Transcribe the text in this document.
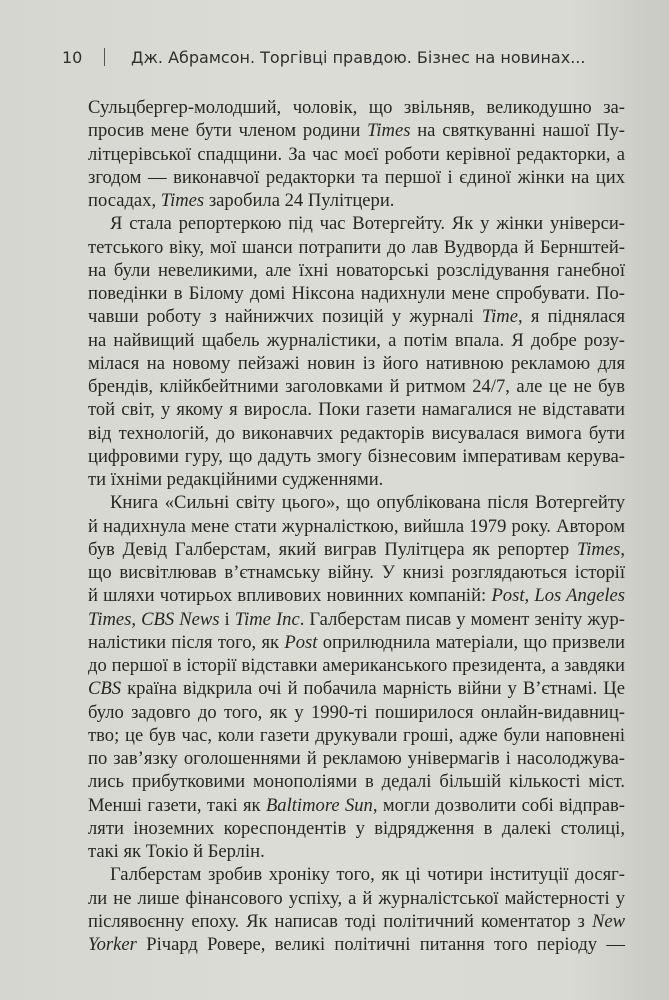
10	Дж. Абрамсон. Торгівці правдою. Бізнес на новинах...
Сульцбергер-молодший, чоловік, що звільняв, великодушно за-
просив мене бути членом родини Times на святкуванні нашої Пу-
літцерівської спадщини. За час моєї роботи керівної редакторки, а
згодом — виконавчої редакторки та першої і єдиної жінки на цих
посадах, Times заробила 24 Пулітцери.
Я стала репортеркою під час Вотергейту. Як у жінки універси-
тетського віку, мої шанси потрапити до лав Вудворда й Бернштей-
на були невеликими, але їхні новаторські розслідування ганебної
поведінки в Білому домі Ніксона надихнули мене спробувати. По-
чавши роботу з найнижчих позицій у журналі Time, я піднялася
на найвищий щабель журналістики, а потім впала. Я добре розу-
мілася на новому пейзажі новин із його нативною рекламою для
брендів, клійкбейтними заголовками й ритмом 24/7, але це не був
той світ, у якому я виросла. Поки газети намагалися не відставати
від технологій, до виконавчих редакторів висувалася вимога бути
цифровими гуру, що дадуть змогу бізнесовим імперативам керува-
ти їхніми редакційними судженнями.
Книга «Сильні світу цього», що опублікована після Вотергейту
й надихнула мене стати журналісткою, вийшла 1979 року. Автором
був Девід Галберстам, який виграв Пулітцера як репортер Times,
що висвітлював в’єтнамську війну. У книзі розглядаються історії
й шляхи чотирьох впливових новинних компаній: Post, Los Angeles
Times, CBS News і Time Inc. Галберстам писав у момент зеніту жур-
налістики після того, як Post оприлюднила матеріали, що призвели
до першої в історії відставки американського президента, а завдяки
CBS країна відкрила очі й побачила марність війни у В’єтнамі. Це
було задовго до того, як у 1990-ті поширилося онлайн-видавниц-
тво; це був час, коли газети друкували гроші, адже були наповнені
по зав’язку оголошеннями й рекламою універмагів і насолоджува-
лись прибутковими монополіями в дедалі більшій кількості міст.
Менші газети, такі як Baltimore Sun, могли дозволити собі відправ-
ляти іноземних кореспондентів у відрядження в далекі столиці,
такі як Токіо й Берлін.
Галберстам зробив хроніку того, як ці чотири інституції досяг-
ли не лише фінансового успіху, а й журналістської майстерності у
післявоєнну епоху. Як написав тоді політичний коментатор з New
Yorker Річард Ровере, великі політичні питання того періоду —
